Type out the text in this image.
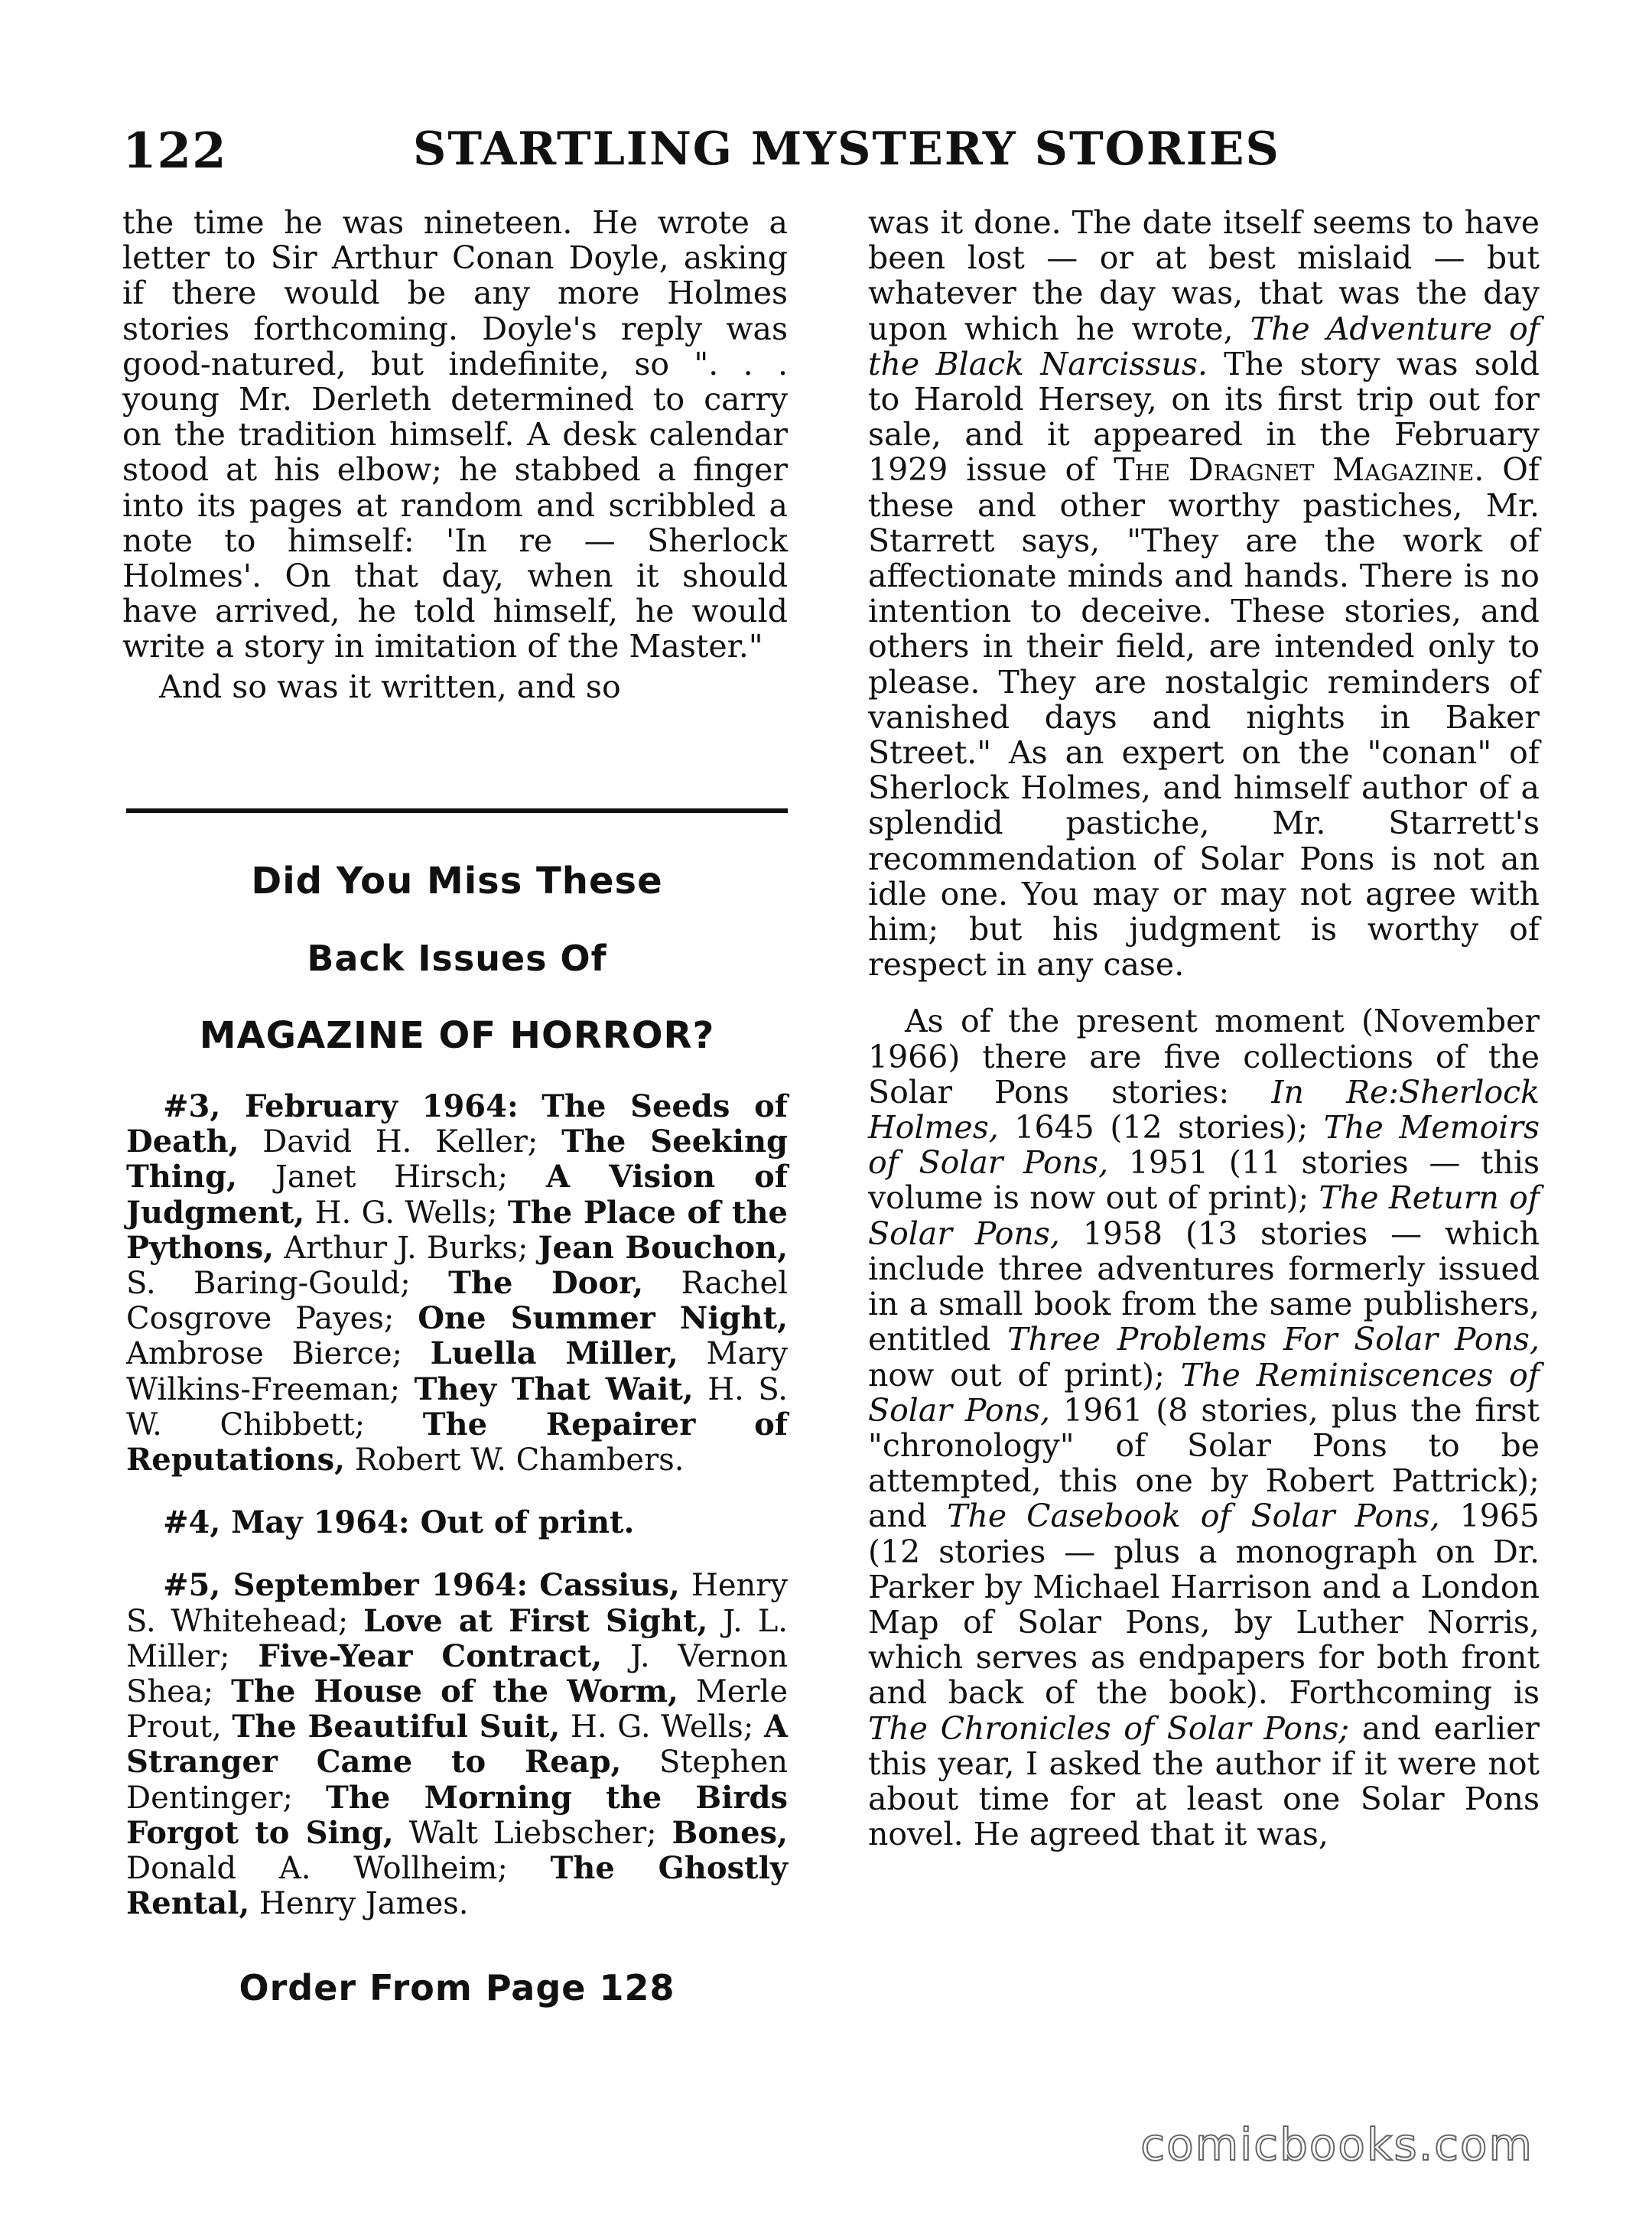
122	STARTLING MYSTERY STORIES

the time he was nineteen. He wrote a letter to Sir Arthur Conan Doyle, asking if there would be any more Holmes stories forthcoming. Doyle's reply was good-natured, but indefinite, so ". . . young Mr. Derleth determined to carry on the tradition himself. A desk calendar stood at his elbow; he stabbed a finger into its pages at random and scribbled a note to himself: 'In re — Sherlock Holmes'. On that day, when it should have arrived, he told himself, he would write a story in imitation of the Master."

And so was it written, and so

Did You Miss These
Back Issues Of
MAGAZINE OF HORROR?

#3, February 1964: The Seeds of Death, David H. Keller; The Seeking Thing, Janet Hirsch; A Vision of Judgment, H. G. Wells; The Place of the Pythons, Arthur J. Burks; Jean Bouchon, S. Baring-Gould; The Door, Rachel Cosgrove Payes; One Summer Night, Ambrose Bierce; Luella Miller, Mary Wilkins-Freeman; They That Wait, H. S. W. Chibbett; The Repairer of Reputations, Robert W. Chambers.

#4, May 1964: Out of print.

#5, September 1964: Cassius, Henry S. Whitehead; Love at First Sight, J. L. Miller; Five-Year Contract, J. Vernon Shea; The House of the Worm, Merle Prout, The Beautiful Suit, H. G. Wells; A Stranger Came to Reap, Stephen Dentinger; The Morning the Birds Forgot to Sing, Walt Liebscher; Bones, Donald A. Wollheim; The Ghostly Rental, Henry James.

Order From Page 128

was it done. The date itself seems to have been lost — or at best mislaid — but whatever the day was, that was the day upon which he wrote, The Adventure of the Black Narcissus. The story was sold to Harold Hersey, on its first trip out for sale, and it appeared in the February 1929 issue of The Dragnet Magazine. Of these and other worthy pastiches, Mr. Starrett says, "They are the work of affectionate minds and hands. There is no intention to deceive. These stories, and others in their field, are intended only to please. They are nostalgic reminders of vanished days and nights in Baker Street." As an expert on the "conan" of Sherlock Holmes, and himself author of a splendid pastiche, Mr. Starrett's recommendation of Solar Pons is not an idle one. You may or may not agree with him; but his judgment is worthy of respect in any case.

As of the present moment (November 1966) there are five collections of the Solar Pons stories: In Re:Sherlock Holmes, 1645 (12 stories); The Memoirs of Solar Pons, 1951 (11 stories — this volume is now out of print); The Return of Solar Pons, 1958 (13 stories — which include three adventures formerly issued in a small book from the same publishers, entitled Three Problems For Solar Pons, now out of print); The Reminiscences of Solar Pons, 1961 (8 stories, plus the first "chronology" of Solar Pons to be attempted, this one by Robert Pattrick); and The Casebook of Solar Pons, 1965 (12 stories — plus a monograph on Dr. Parker by Michael Harrison and a London Map of Solar Pons, by Luther Norris, which serves as endpapers for both front and back of the book). Forthcoming is The Chronicles of Solar Pons; and earlier this year, I asked the author if it were not about time for at least one Solar Pons novel. He agreed that it was,

comicbooks.com
